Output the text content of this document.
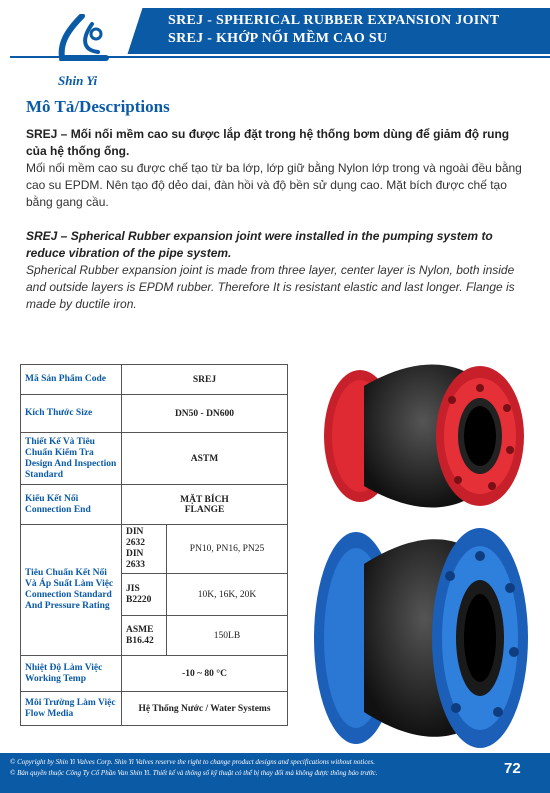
Shin Yi
SREJ - SPHERICAL RUBBER EXPANSION JOINT
SREJ - KHỚP NỐI MỀM CAO SU
Mô Tả/Descriptions
SREJ – Mối nối mềm cao su được lắp đặt trong hệ thống bơm dùng để giảm độ rung của hệ thống ống.
Mối nối mềm cao su được chế tạo từ ba lớp, lớp giữ bằng Nylon lớp trong và ngoài đều bằng cao su EPDM. Nên tạo độ dẻo dai, đàn hồi và độ bền sử dụng cao. Mặt bích được chế tạo bằng gang cầu.
SREJ – Spherical Rubber expansion joint were installed in the pumping system to reduce vibration of the pipe system.
Spherical Rubber expansion joint is made from three layer, center layer is Nylon, both inside and outside layers is EPDM rubber. Therefore It is resistant elastic and last longer. Flange is made by ductile iron.
Mã Sản Phẩm Code	SREJ	
Kích Thước Size	DN50 - DN600	
Thiết Kế Và Tiêu Chuẩn Kiểm Tra Design And Inspection Standard	ASTM	
Kiểu Kết Nối Connection End	MẶT BÍCH
FLANGE	
Tiêu Chuẩn Kết Nối Và Áp Suất Làm Việc Connection Standard And Pressure Rating	DIN 2632 DIN 2633	PN10, PN16, PN25
	JIS B2220	10K, 16K, 20K
	ASME B16.42	150LB
Nhiệt Độ Làm Việc Working Temp	-10 ~ 80 °C	
Môi Trường Làm Việc Flow Media	Hệ Thống Nước / Water Systems	
© Copyright by Shin Yi Valves Corp. Shin Yi Valves reserve the right to change product designs and specifications without notices.
© Bản quyền thuộc Công Ty Cổ Phần Van Shin Yi. Thiết kế và thông số kỹ thuật có thể bị thay đổi mà không được thông báo trước.	72
